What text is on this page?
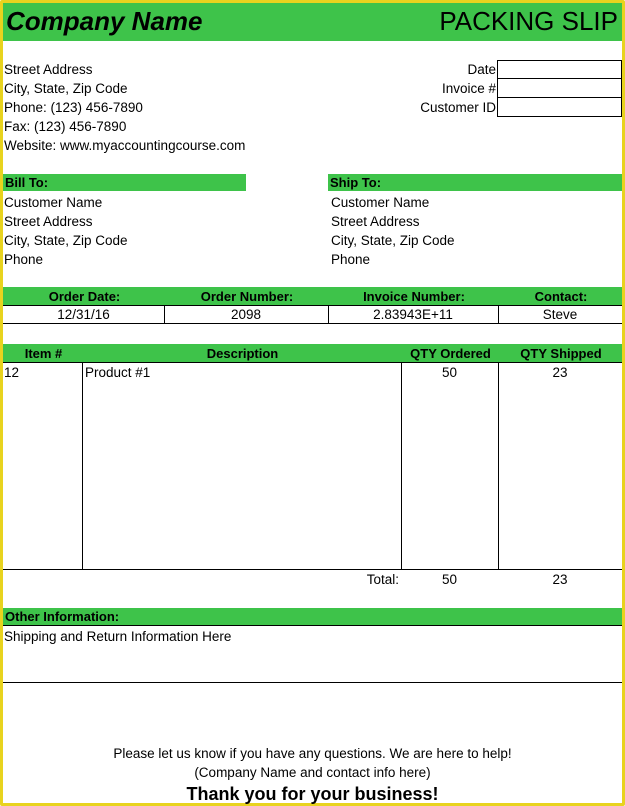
Company Name	PACKING SLIP
Street Address
City, State, Zip Code
Phone: (123) 456-7890
Fax: (123) 456-7890
Website: www.myaccountingcourse.com
Date
Invoice #
Customer ID
Bill To:
Customer Name
Street Address
City, State, Zip Code
Phone
Ship To:
Customer Name
Street Address
City, State, Zip Code
Phone
Order Date:	Order Number:	Invoice Number:	Contact:
12/31/16	2098	2.83943E+11	Steve
Item #	Description	QTY Ordered	QTY Shipped
12	Product #1	50	23
Total:	50	23
Other Information:
Shipping and Return Information Here
Please let us know if you have any questions. We are here to help!
(Company Name and contact info here)
Thank you for your business!
